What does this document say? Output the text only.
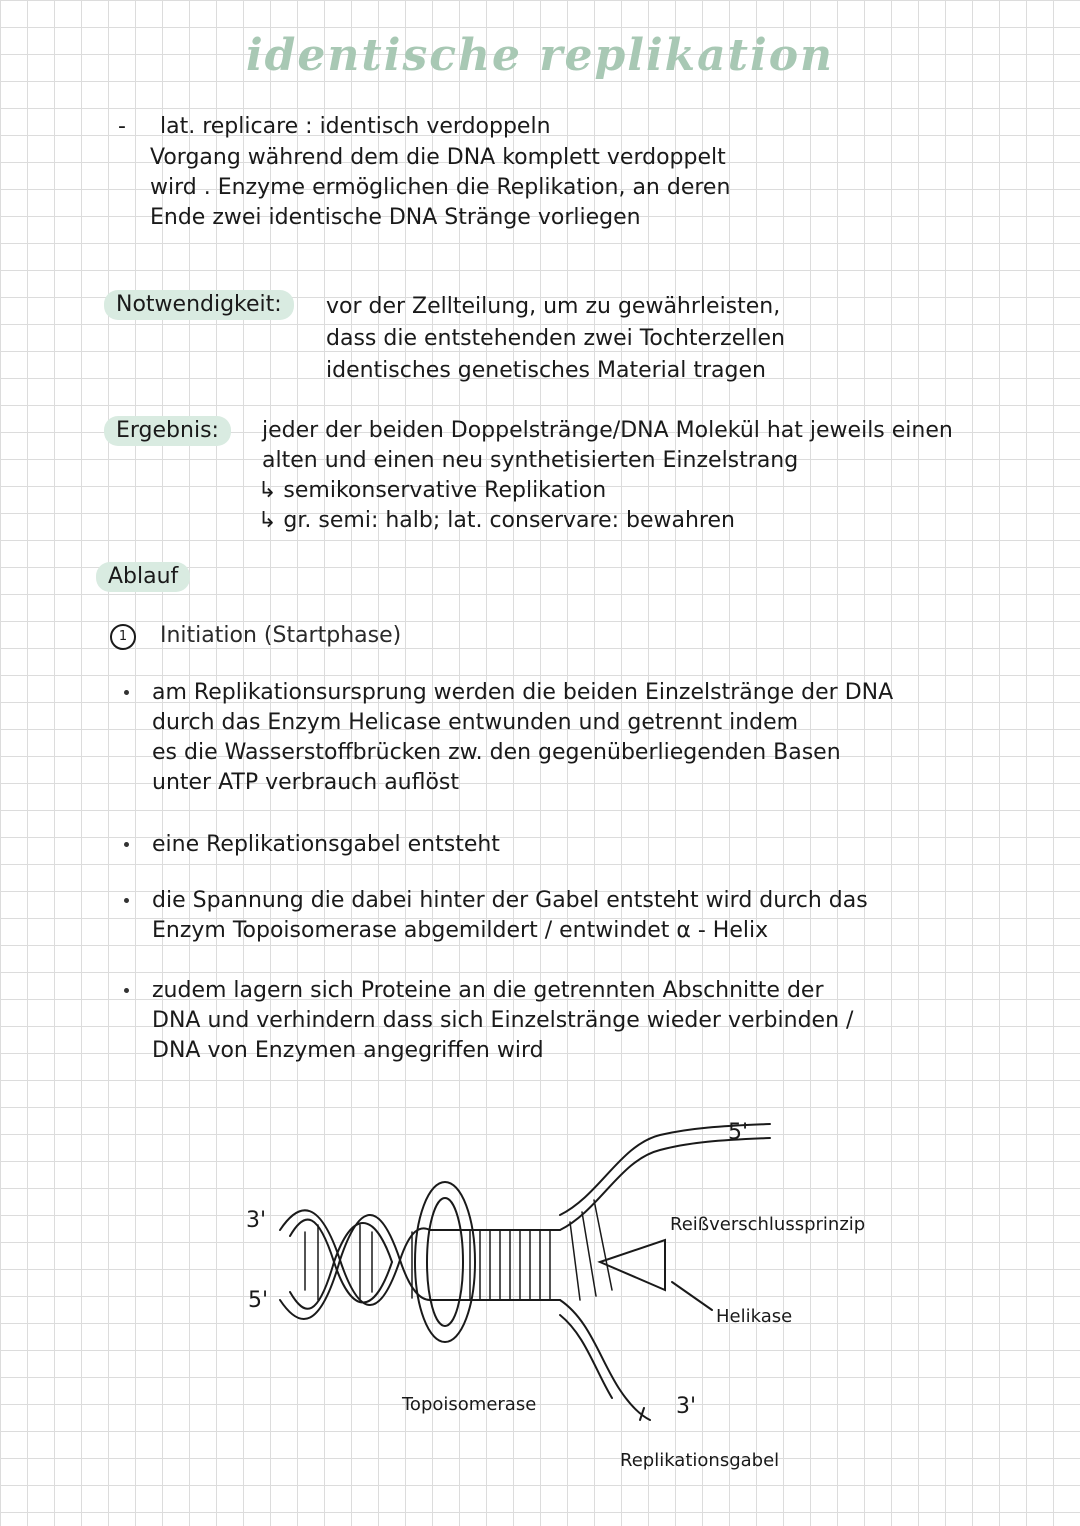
identische replikation
- lat. replicare : identisch verdoppeln
Vorgang während dem die DNA komplett verdoppelt
wird . Enzyme ermöglichen die Replikation, an deren
Ende zwei identische DNA Stränge vorliegen
Notwendigkeit:	vor der Zellteilung, um zu gewährleisten,
dass die entstehenden zwei Tochterzellen
identisches genetisches Material tragen
Ergebnis:	jeder der beiden Doppelstränge/DNA Molekül hat jeweils einen
alten und einen neu synthetisierten Einzelstrang
↳ semikonservative Replikation
↳ gr. semi: halb; lat. conservare: bewahren
Ablauf
1	Initiation (Startphase)
am Replikationsursprung werden die beiden Einzelstränge der DNA
durch das Enzym Helicase entwunden und getrennt indem
es die Wasserstoffbrücken zw. den gegenüberliegenden Basen
unter ATP verbrauch auflöst
eine Replikationsgabel entsteht
die Spannung die dabei hinter der Gabel entsteht wird durch das
Enzym Topoisomerase abgemildert / entwindet α - Helix
zudem lagern sich Proteine an die getrennten Abschnitte der
DNA und verhindern dass sich Einzelstränge wieder verbinden /
DNA von Enzymen angegriffen wird
5'
3'
5'
Reißverschlussprinzip
Helikase
Topoisomerase	3'
Replikationsgabel
